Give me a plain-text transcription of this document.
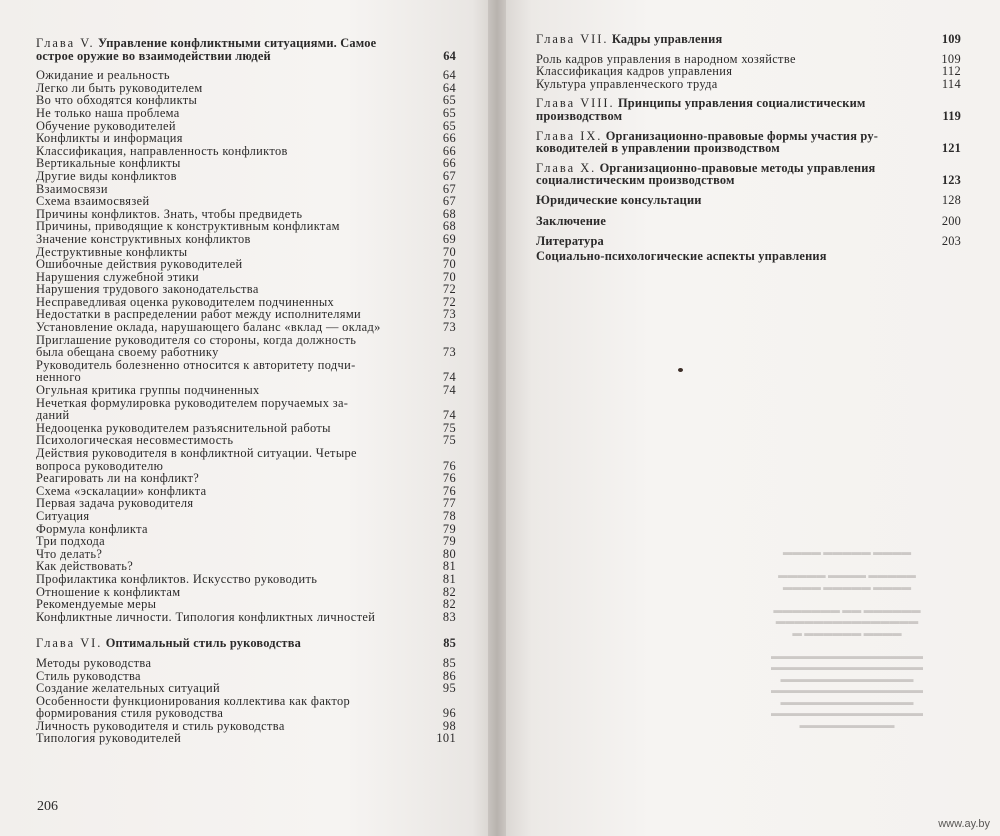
Глава V. Управление конфликтными ситуациями. Самое
острое оружие во взаимодействии людей	64
Ожидание и реальность	64
Легко ли быть руководителем	64
Во что обходятся конфликты	65
Не только наша проблема	65
Обучение руководителей	65
Конфликты и информация	66
Классификация, направленность конфликтов	66
Вертикальные конфликты	66
Другие виды конфликтов	67
Взаимосвязи	67
Схема взаимосвязей	67
Причины конфликтов. Знать, чтобы предвидеть	68
Причины, приводящие к конструктивным конфликтам	68
Значение конструктивных конфликтов	69
Деструктивные конфликты	70
Ошибочные действия руководителей	70
Нарушения служебной этики	70
Нарушения трудового законодательства	72
Несправедливая оценка руководителем подчиненных	72
Недостатки в распределении работ между исполнителями	73
Установление оклада, нарушающего баланс «вклад — оклад»	73
Приглашение руководителя со стороны, когда должность
была обещана своему работнику	73
Руководитель болезненно относится к авторитету подчи-
ненного	74
Огульная критика группы подчиненных	74
Нечеткая формулировка руководителем поручаемых за-
даний	74
Недооценка руководителем разъяснительной работы	75
Психологическая несовместимость	75
Действия руководителя в конфликтной ситуации. Четыре
вопроса руководителю	76
Реагировать ли на конфликт?	76
Схема «эскалации» конфликта	76
Первая задача руководителя	77
Ситуация	78
Формула конфликта	79
Три подхода	79
Что делать?	80
Как действовать?	81
Профилактика конфликтов. Искусство руководить	81
Отношение к конфликтам	82
Рекомендуемые меры	82
Конфликтные личности. Типология конфликтных личностей	83
Глава VI. Оптимальный стиль руководства	85
Методы руководства	85
Стиль руководства	86
Создание желательных ситуаций	95
Особенности функционирования коллектива как фактор
формирования стиля руководства	96
Личность руководителя и стиль руководства	98
Типология руководителей	101
206
Глава VII. Кадры управления	109
Роль кадров управления в народном хозяйстве	109
Классификация кадров управления	112
Культура управленческого труда	114
Глава VIII. Принципы управления социалистическим
производством	119
Глава IX. Организационно-правовые формы участия ру-
ководителей в управлении производством	121
Глава X. Организационно-правовые методы управления
социалистическим производством	123
Юридические консультации	128
Заключение	200
Литература	203
Социально-психологические аспекты управления
▬▬▬▬ ▬▬▬▬▬ ▬▬▬▬

▬▬▬▬▬ ▬▬▬▬ ▬▬▬▬▬
▬▬▬▬ ▬▬▬▬▬ ▬▬▬▬

▬▬▬▬▬▬▬ ▬▬ ▬▬▬▬▬▬
▬▬▬▬▬▬▬▬▬▬▬▬▬▬▬
▬ ▬▬▬▬▬▬ ▬▬▬▬

▬▬▬▬▬▬▬▬▬▬▬▬▬▬▬▬
▬▬▬▬▬▬▬▬▬▬▬▬▬▬▬▬
▬▬▬▬▬▬▬▬▬▬▬▬▬▬
▬▬▬▬▬▬▬▬▬▬▬▬▬▬▬▬
▬▬▬▬▬▬▬▬▬▬▬▬▬▬
▬▬▬▬▬▬▬▬▬▬▬▬▬▬▬▬
▬▬▬▬▬▬▬▬▬▬
www.ay.by
